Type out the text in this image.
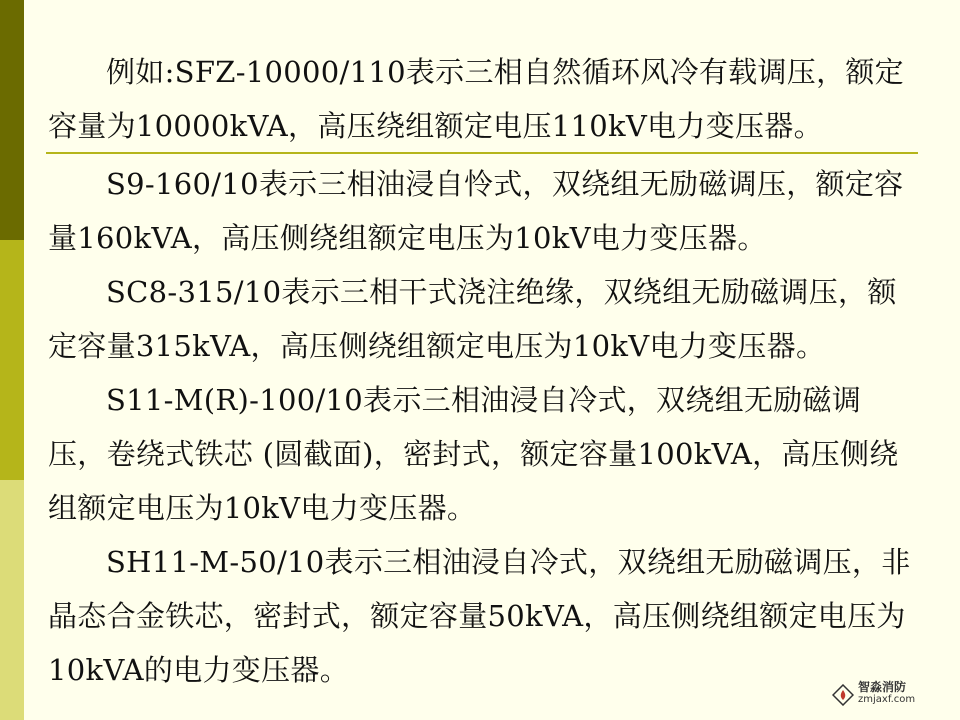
例如:SFZ-10000/110表示三相自然循环风冷有载调压，额定容量为10000kVA，高压绕组额定电压110kV电力变压器。

S9-160/10表示三相油浸自怜式，双绕组无励磁调压，额定容量160kVA，高压侧绕组额定电压为10kV电力变压器。

SC8-315/10表示三相干式浇注绝缘，双绕组无励磁调压，额定容量315kVA，高压侧绕组额定电压为10kV电力变压器。

S11-M(R)-100/10表示三相油浸自冷式，双绕组无励磁调压，卷绕式铁芯 (圆截面)，密封式，额定容量100kVA，高压侧绕组额定电压为10kV电力变压器。

SH11-M-50/10表示三相油浸自冷式，双绕组无励磁调压，非晶态合金铁芯，密封式，额定容量50kVA，高压侧绕组额定电压为10kVA的电力变压器。	智淼消防
zmjaxf.com
